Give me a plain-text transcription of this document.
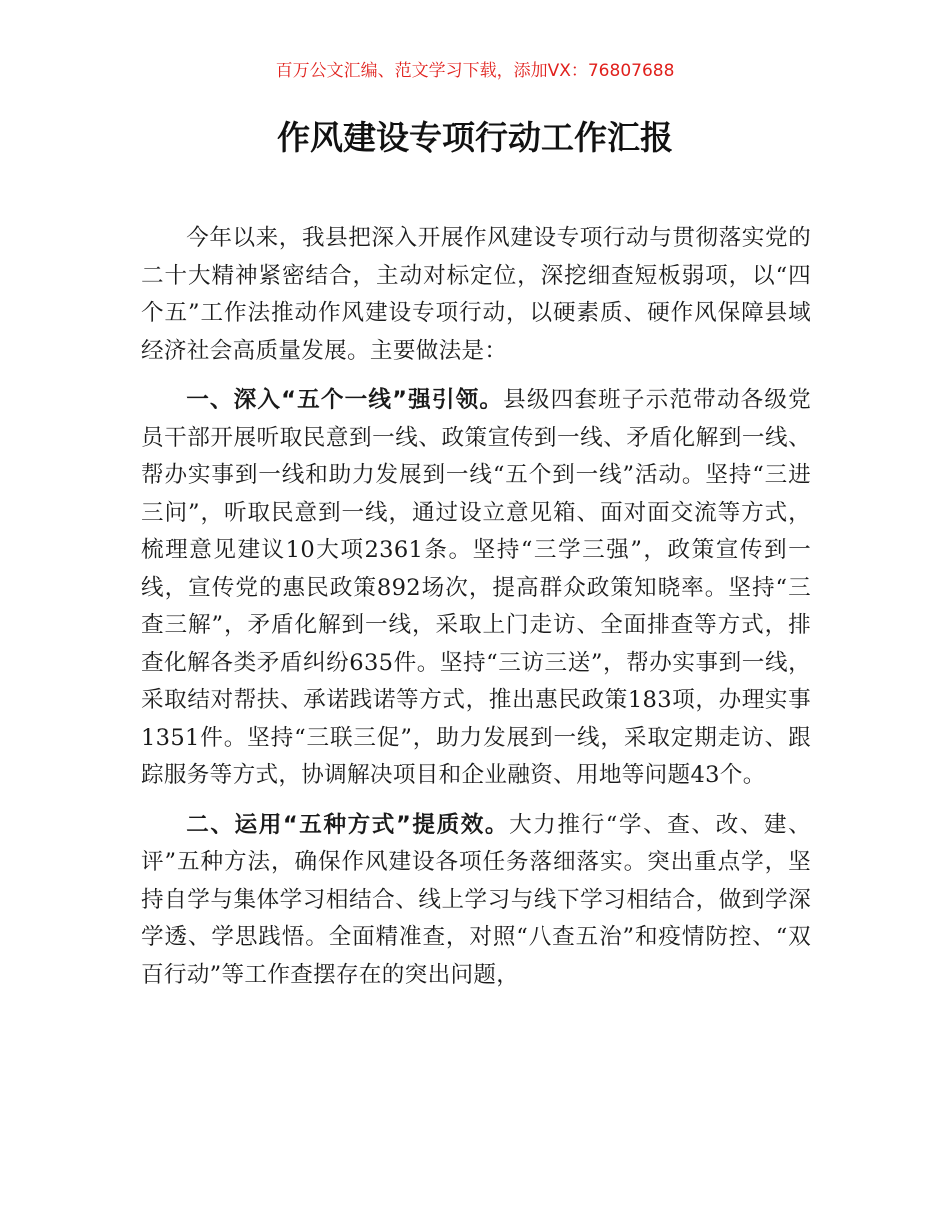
百万公文汇编、范文学习下载，添加VX：76807688
作风建设专项行动工作汇报

今年以来，我县把深入开展作风建设专项行动与贯彻落实党的二十大精神紧密结合，主动对标定位，深挖细查短板弱项，以“四个五”工作法推动作风建设专项行动，以硬素质、硬作风保障县域经济社会高质量发展。主要做法是：

一、深入“五个一线”强引领。县级四套班子示范带动各级党员干部开展听取民意到一线、政策宣传到一线、矛盾化解到一线、帮办实事到一线和助力发展到一线“五个到一线”活动。坚持“三进三问”，听取民意到一线，通过设立意见箱、面对面交流等方式，梳理意见建议10大项2361条。坚持“三学三强”，政策宣传到一线，宣传党的惠民政策892场次，提高群众政策知晓率。坚持“三查三解”，矛盾化解到一线，采取上门走访、全面排查等方式，排查化解各类矛盾纠纷635件。坚持“三访三送”，帮办实事到一线，采取结对帮扶、承诺践诺等方式，推出惠民政策183项，办理实事1351件。坚持“三联三促”，助力发展到一线，采取定期走访、跟踪服务等方式，协调解决项目和企业融资、用地等问题43个。

二、运用“五种方式”提质效。大力推行“学、查、改、建、评”五种方法，确保作风建设各项任务落细落实。突出重点学，坚持自学与集体学习相结合、线上学习与线下学习相结合，做到学深学透、学思践悟。全面精准查，对照“八查五治”和疫情防控、“双百行动”等工作查摆存在的突出问题，
